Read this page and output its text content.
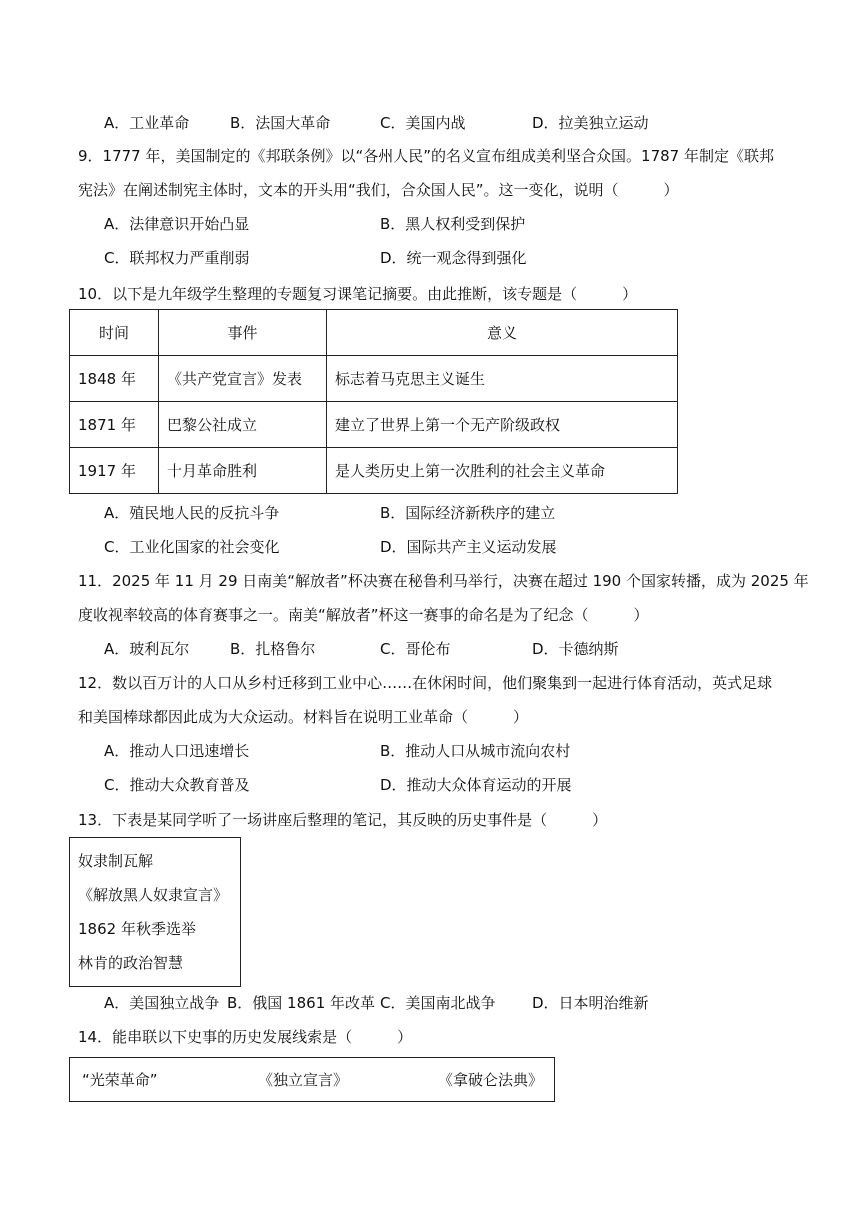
A．工业革命	B．法国大革命	C．美国内战	D．拉美独立运动
9．1777 年，美国制定的《邦联条例》以“各州人民”的名义宣布组成美利坚合众国。1787 年制定《联邦
宪法》在阐述制宪主体时，文本的开头用“我们，合众国人民”。这一变化，说明（　　　）
A．法律意识开始凸显	B．黑人权利受到保护
C．联邦权力严重削弱	D．统一观念得到强化
10．以下是九年级学生整理的专题复习课笔记摘要。由此推断，该专题是（　　　）
时间	事件	意义
1848 年	《共产党宣言》发表	标志着马克思主义诞生
1871 年	巴黎公社成立	建立了世界上第一个无产阶级政权
1917 年	十月革命胜利	是人类历史上第一次胜利的社会主义革命
A．殖民地人民的反抗斗争	B．国际经济新秩序的建立
C．工业化国家的社会变化	D．国际共产主义运动发展
11．2025 年 11 月 29 日南美“解放者”杯决赛在秘鲁利马举行，决赛在超过 190 个国家转播，成为 2025 年
度收视率较高的体育赛事之一。南美“解放者”杯这一赛事的命名是为了纪念（　　　）
A．玻利瓦尔	B．扎格鲁尔	C．哥伦布	D．卡德纳斯
12．数以百万计的人口从乡村迁移到工业中心……在休闲时间，他们聚集到一起进行体育活动，英式足球
和美国棒球都因此成为大众运动。材料旨在说明工业革命（　　　）
A．推动人口迅速增长	B．推动人口从城市流向农村
C．推动大众教育普及	D．推动大众体育运动的开展
13．下表是某同学听了一场讲座后整理的笔记，其反映的历史事件是（　　　）
奴隶制瓦解
《解放黑人奴隶宣言》
1862 年秋季选举
林肯的政治智慧
A．美国独立战争 B．俄国 1861 年改革 C．美国南北战争 D．日本明治维新
14．能串联以下史事的历史发展线索是（　　　）
“光荣革命”	《独立宣言》	《拿破仑法典》
